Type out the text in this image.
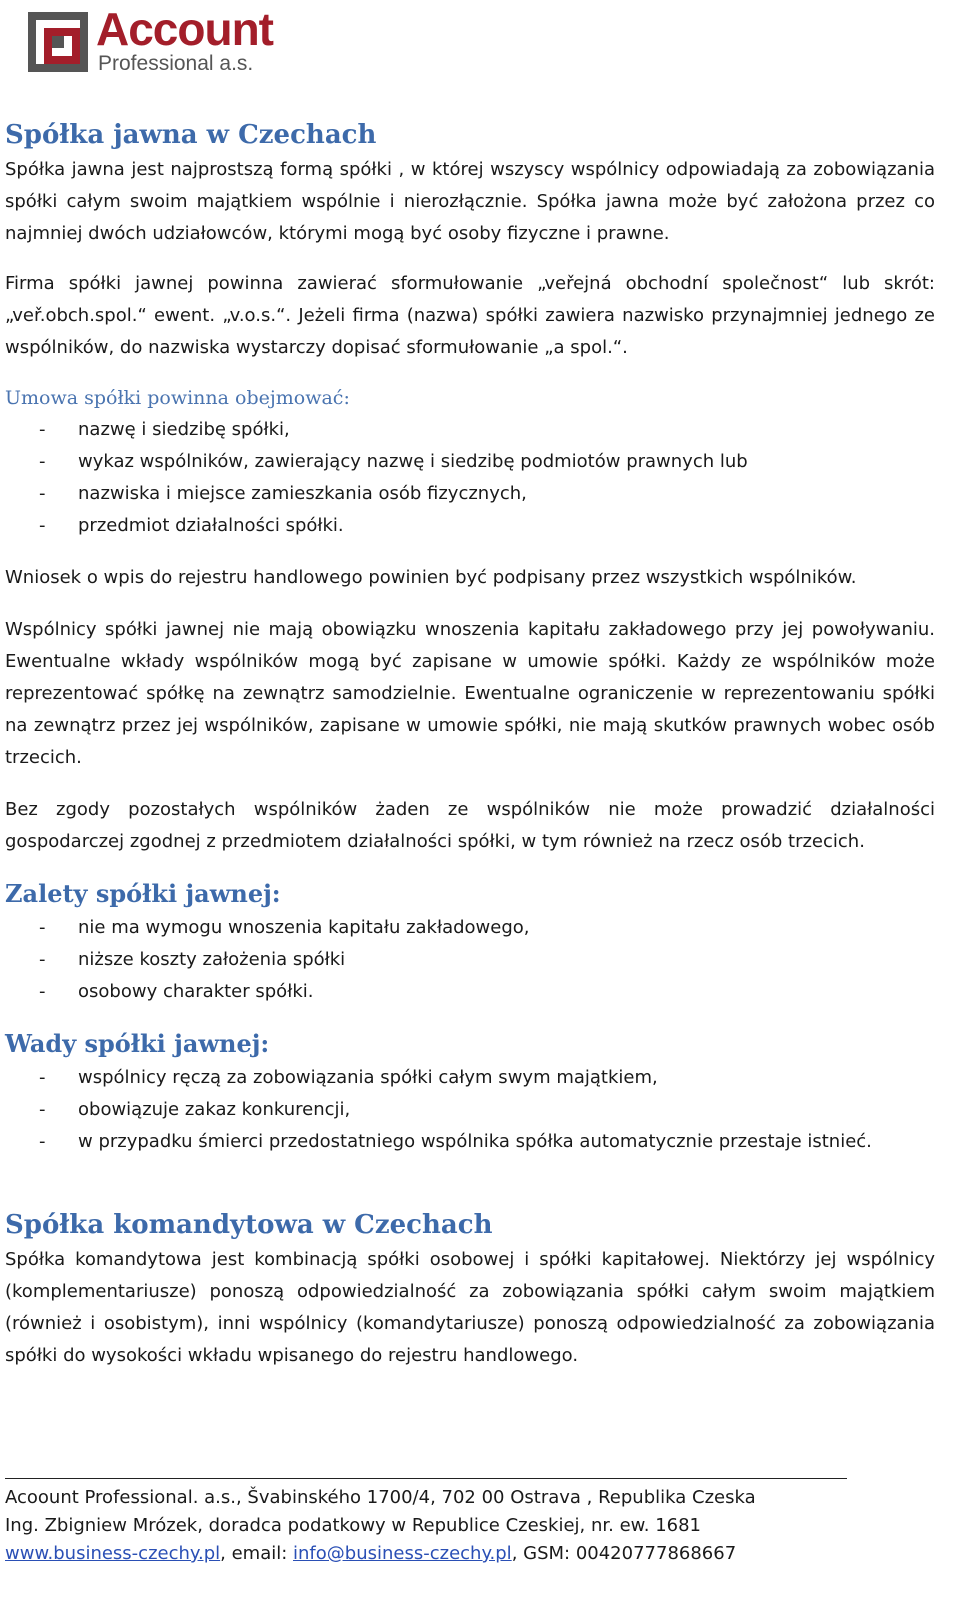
Account
Professional a.s.
Spółka jawna w Czechach

Spółka jawna jest najprostszą formą spółki , w której wszyscy wspólnicy odpowiadają za zobowiązania spółki całym swoim majątkiem wspólnie i nierozłącznie. Spółka jawna może być założona przez co najmniej dwóch udziałowców, którymi mogą być osoby fizyczne i prawne.

Firma spółki jawnej powinna zawierać sformułowanie „veřejná obchodní společnost“ lub skrót: „veř.obch.spol.“ ewent. „v.o.s.“. Jeżeli firma (nazwa) spółki zawiera nazwisko przynajmniej jednego ze wspólników, do nazwiska wystarczy dopisać sformułowanie „a spol.“.

Umowa spółki powinna obejmować:
- nazwę i siedzibę spółki,
- wykaz wspólników, zawierający nazwę i siedzibę podmiotów prawnych lub
- nazwiska i miejsce zamieszkania osób fizycznych,
- przedmiot działalności spółki.

Wniosek o wpis do rejestru handlowego powinien być podpisany przez wszystkich wspólników.

Wspólnicy spółki jawnej nie mają obowiązku wnoszenia kapitału zakładowego przy jej powoływaniu. Ewentualne wkłady wspólników mogą być zapisane w umowie spółki. Każdy ze wspólników może reprezentować spółkę na zewnątrz samodzielnie. Ewentualne ograniczenie w reprezentowaniu spółki na zewnątrz przez jej wspólników, zapisane w umowie spółki, nie mają skutków prawnych wobec osób trzecich.

Bez zgody pozostałych wspólników żaden ze wspólników nie może prowadzić działalności gospodarczej zgodnej z przedmiotem działalności spółki, w tym również na rzecz osób trzecich.

Zalety spółki jawnej:
- nie ma wymogu wnoszenia kapitału zakładowego,
- niższe koszty założenia spółki
- osobowy charakter spółki.
Wady spółki jawnej:
- wspólnicy ręczą za zobowiązania spółki całym swym majątkiem,
- obowiązuje zakaz konkurencji,
- w przypadku śmierci przedostatniego wspólnika spółka automatycznie przestaje istnieć.
Spółka komandytowa w Czechach

Spółka komandytowa jest kombinacją spółki osobowej i spółki kapitałowej. Niektórzy jej wspólnicy (komplementariusze) ponoszą odpowiedzialność za zobowiązania spółki całym swoim majątkiem (również i osobistym), inni wspólnicy (komandytariusze) ponoszą odpowiedzialność za zobowiązania spółki do wysokości wkładu wpisanego do rejestru handlowego.

Acoount Professional. a.s., Švabinského 1700/4, 702 00 Ostrava , Republika Czeska
Ing. Zbigniew Mrózek, doradca podatkowy w Republice Czeskiej, nr. ew. 1681
www.business-czechy.pl, email: info@business-czechy.pl, GSM: 00420777868667
